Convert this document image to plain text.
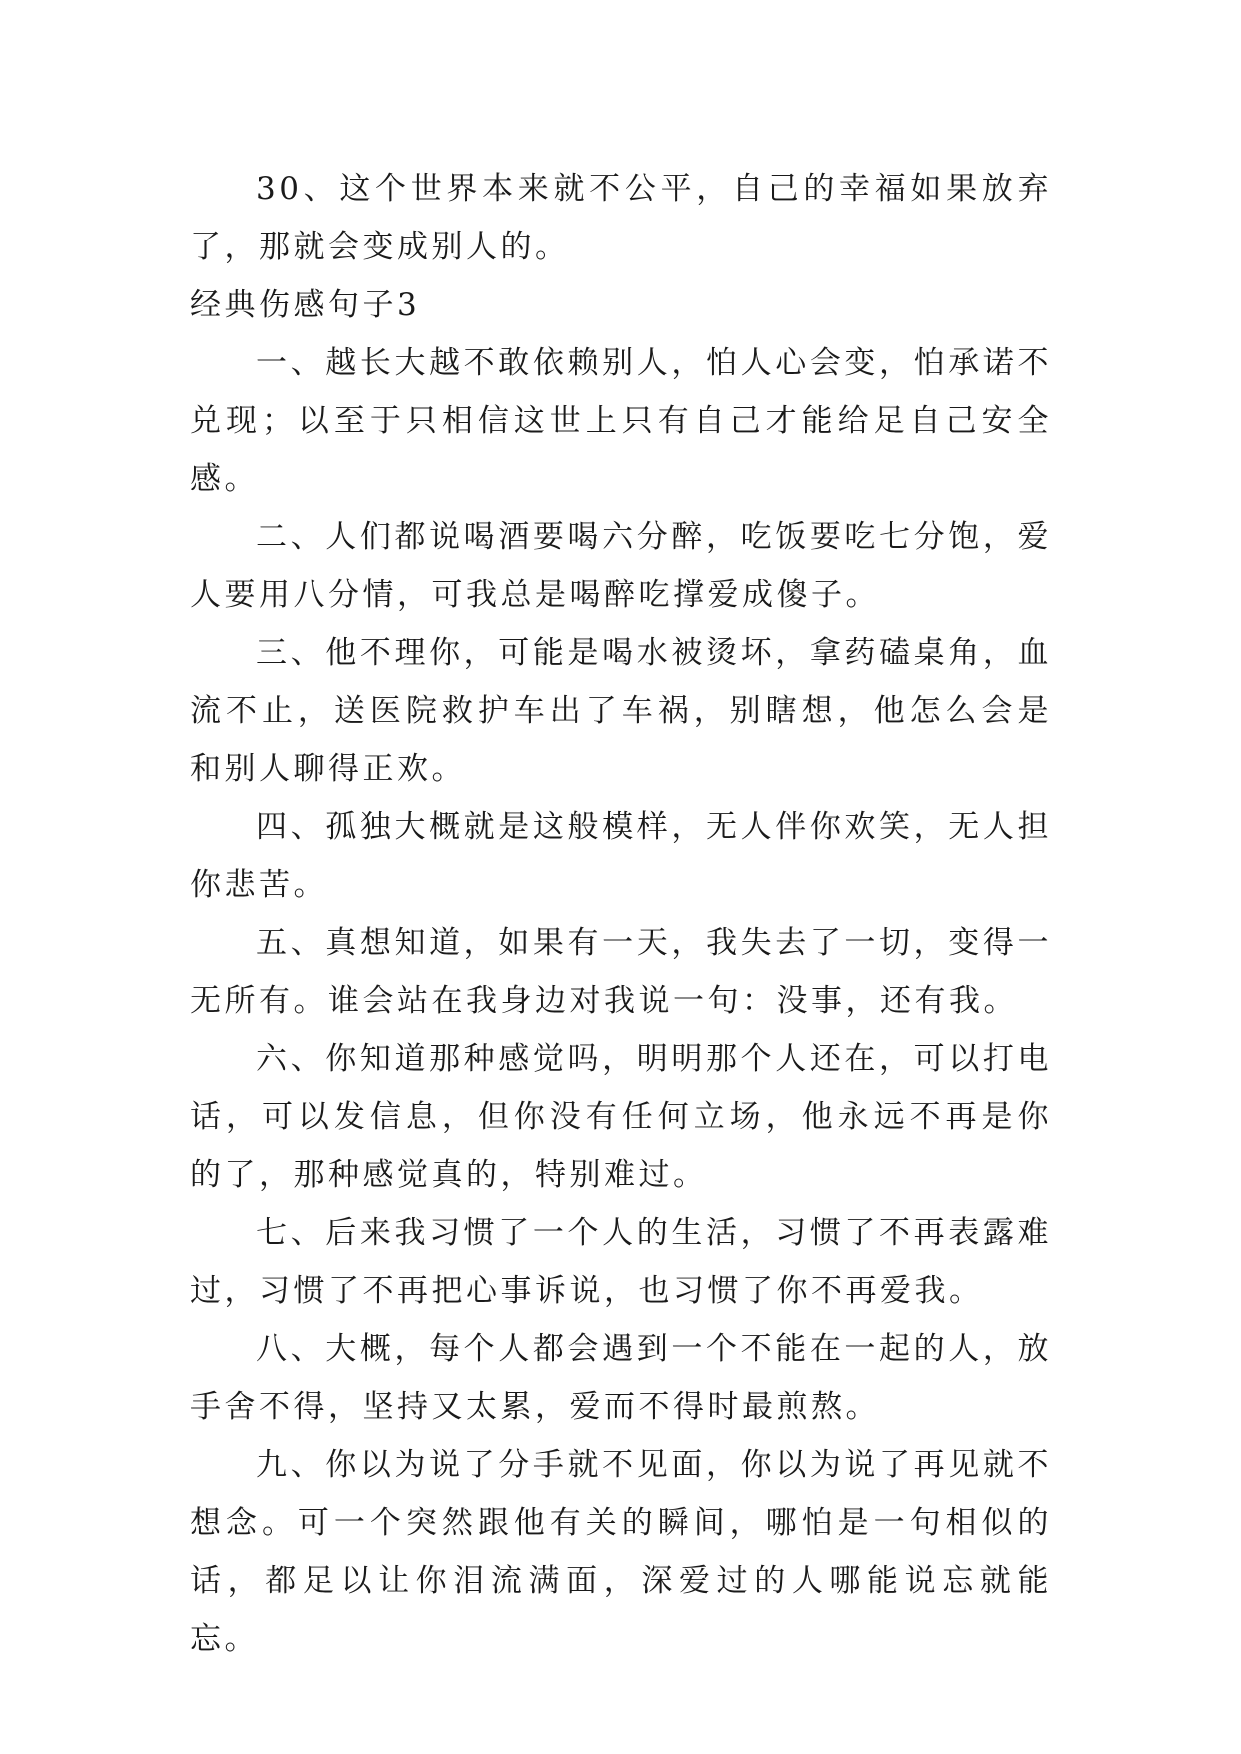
30、这个世界本来就不公平，自己的幸福如果放弃了，那就会变成别人的。

经典伤感句子3

一、越长大越不敢依赖别人，怕人心会变，怕承诺不兑现；以至于只相信这世上只有自己才能给足自己安全感。

二、人们都说喝酒要喝六分醉，吃饭要吃七分饱，爱人要用八分情，可我总是喝醉吃撑爱成傻子。

三、他不理你，可能是喝水被烫坏，拿药磕桌角，血流不止，送医院救护车出了车祸，别瞎想，他怎么会是和别人聊得正欢。

四、孤独大概就是这般模样，无人伴你欢笑，无人担你悲苦。

五、真想知道，如果有一天，我失去了一切，变得一无所有。谁会站在我身边对我说一句：没事，还有我。

六、你知道那种感觉吗，明明那个人还在，可以打电话，可以发信息，但你没有任何立场，他永远不再是你的了，那种感觉真的，特别难过。

七、后来我习惯了一个人的生活，习惯了不再表露难过，习惯了不再把心事诉说，也习惯了你不再爱我。

八、大概，每个人都会遇到一个不能在一起的人，放手舍不得，坚持又太累，爱而不得时最煎熬。

九、你以为说了分手就不见面，你以为说了再见就不想念。可一个突然跟他有关的瞬间，哪怕是一句相似的话，都足以让你泪流满面，深爱过的人哪能说忘就能忘。
